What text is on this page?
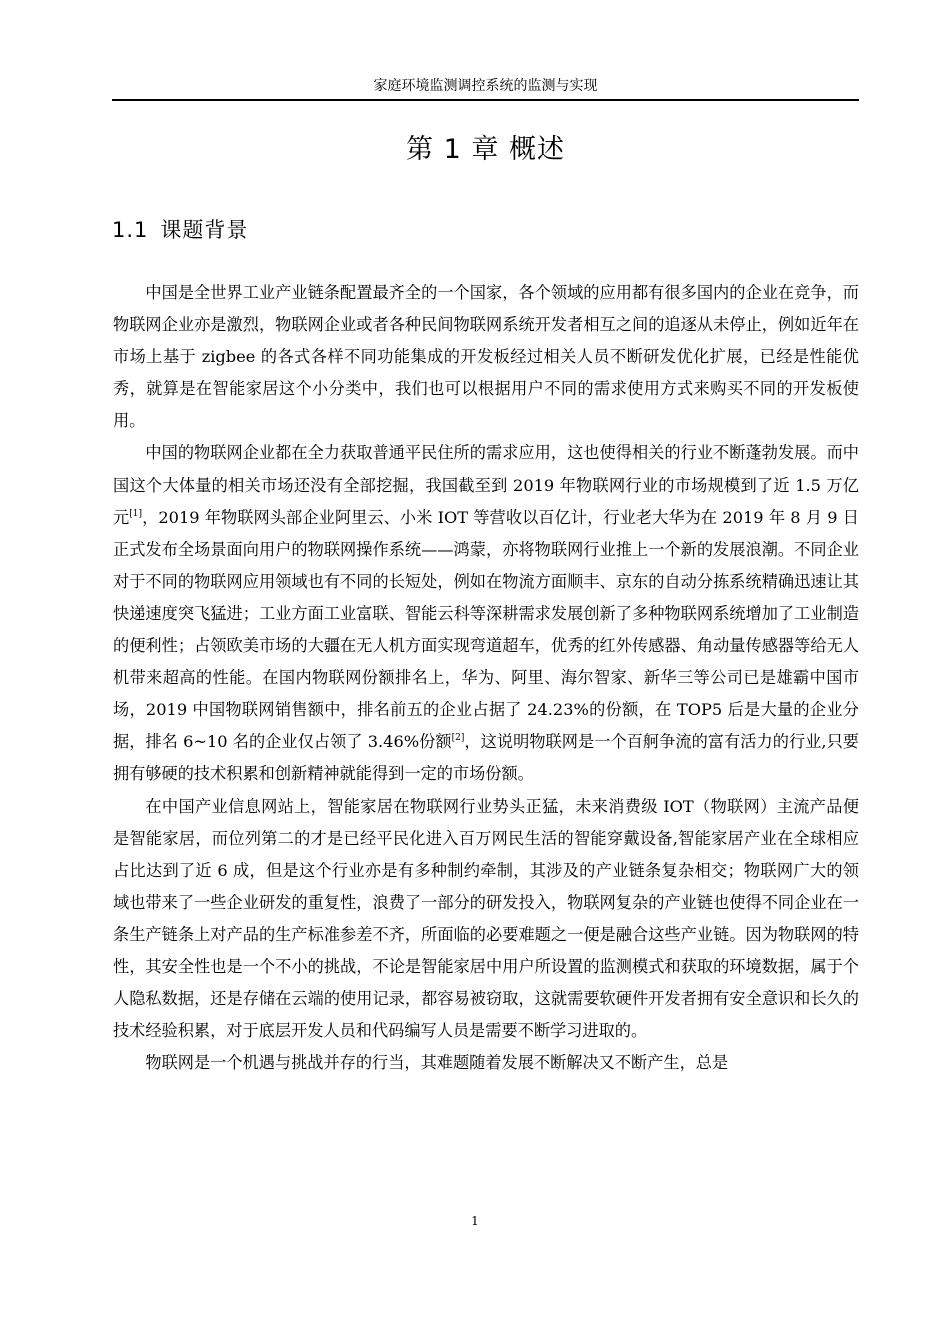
家庭环境监测调控系统的监测与实现
第 1 章 概述
1.1 课题背景

中国是全世界工业产业链条配置最齐全的一个国家，各个领域的应用都有很多国内的企业在竞争，而物联网企业亦是激烈，物联网企业或者各种民间物联网系统开发者相互之间的追逐从未停止，例如近年在市场上基于 zigbee 的各式各样不同功能集成的开发板经过相关人员不断研发优化扩展，已经是性能优秀，就算是在智能家居这个小分类中，我们也可以根据用户不同的需求使用方式来购买不同的开发板使用。

中国的物联网企业都在全力获取普通平民住所的需求应用，这也使得相关的行业不断蓬勃发展。而中国这个大体量的相关市场还没有全部挖掘，我国截至到 2019 年物联网行业的市场规模到了近 1.5 万亿元[1]，2019 年物联网头部企业阿里云、小米 IOT 等营收以百亿计，行业老大华为在 2019 年 8 月 9 日正式发布全场景面向用户的物联网操作系统——鸿蒙，亦将物联网行业推上一个新的发展浪潮。不同企业对于不同的物联网应用领域也有不同的长短处，例如在物流方面顺丰、京东的自动分拣系统精确迅速让其快递速度突飞猛进；工业方面工业富联、智能云科等深耕需求发展创新了多种物联网系统增加了工业制造的便利性；占领欧美市场的大疆在无人机方面实现弯道超车，优秀的红外传感器、角动量传感器等给无人机带来超高的性能。在国内物联网份额排名上，华为、阿里、海尔智家、新华三等公司已是雄霸中国市场，2019 中国物联网销售额中，排名前五的企业占据了 24.23%的份额，在 TOP5 后是大量的企业分据，排名 6~10 名的企业仅占领了 3.46%份额[2]，这说明物联网是一个百舸争流的富有活力的行业,只要拥有够硬的技术积累和创新精神就能得到一定的市场份额。

在中国产业信息网站上，智能家居在物联网行业势头正猛，未来消费级 IOT（物联网）主流产品便是智能家居，而位列第二的才是已经平民化进入百万网民生活的智能穿戴设备,智能家居产业在全球相应占比达到了近 6 成，但是这个行业亦是有多种制约牵制，其涉及的产业链条复杂相交；物联网广大的领域也带来了一些企业研发的重复性，浪费了一部分的研发投入，物联网复杂的产业链也使得不同企业在一条生产链条上对产品的生产标准参差不齐，所面临的必要难题之一便是融合这些产业链。因为物联网的特性，其安全性也是一个不小的挑战，不论是智能家居中用户所设置的监测模式和获取的环境数据，属于个人隐私数据，还是存储在云端的使用记录，都容易被窃取，这就需要软硬件开发者拥有安全意识和长久的技术经验积累，对于底层开发人员和代码编写人员是需要不断学习进取的。

物联网是一个机遇与挑战并存的行当，其难题随着发展不断解决又不断产生，总是

1
